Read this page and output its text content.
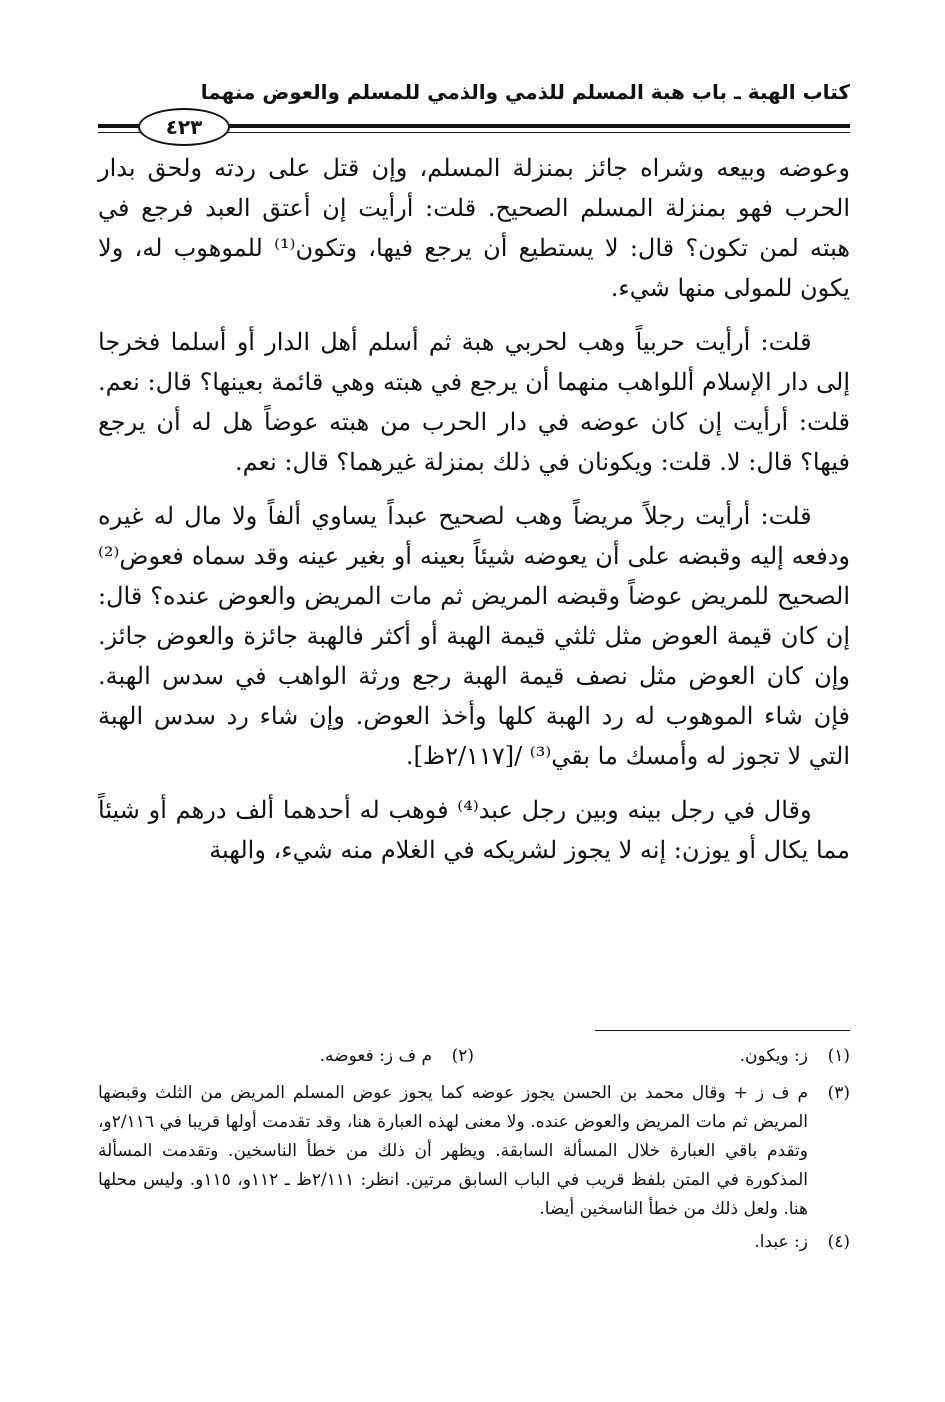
كتاب الهبة ـ باب هبة المسلم للذمي والذمي للمسلم والعوض منهما
٤٢٣

وعوضه وبيعه وشراه جائز بمنزلة المسلم، وإن قتل على ردته ولحق بدار الحرب فهو بمنزلة المسلم الصحيح. قلت: أرأيت إن أعتق العبد فرجع في هبته لمن تكون؟ قال: لا يستطيع أن يرجع فيها، وتكون⁽¹⁾ للموهوب له، ولا يكون للمولى منها شيء.

قلت: أرأيت حربياً وهب لحربي هبة ثم أسلم أهل الدار أو أسلما فخرجا إلى دار الإسلام أللواهب منهما أن يرجع في هبته وهي قائمة بعينها؟ قال: نعم. قلت: أرأيت إن كان عوضه في دار الحرب من هبته عوضاً هل له أن يرجع فيها؟ قال: لا. قلت: ويكونان في ذلك بمنزلة غيرهما؟ قال: نعم.

قلت: أرأيت رجلاً مريضاً وهب لصحيح عبداً يساوي ألفاً ولا مال له غيره ودفعه إليه وقبضه على أن يعوضه شيئاً بعينه أو بغير عينه وقد سماه فعوض⁽²⁾ الصحيح للمريض عوضاً وقبضه المريض ثم مات المريض والعوض عنده؟ قال: إن كان قيمة العوض مثل ثلثي قيمة الهبة أو أكثر فالهبة جائزة والعوض جائز. وإن كان العوض مثل نصف قيمة الهبة رجع ورثة الواهب في سدس الهبة. فإن شاء الموهوب له رد الهبة كلها وأخذ العوض. وإن شاء رد سدس الهبة التي لا تجوز له وأمسك ما بقي⁽³⁾ /[٢/١١٧ظ].

وقال في رجل بينه وبين رجل عبد⁽⁴⁾ فوهب له أحدهما ألف درهم أو شيئاً مما يكال أو يوزن: إنه لا يجوز لشريكه في الغلام منه شيء، والهبة

(١)
ز: ويكون.
(٢)
م ف ز: فعوضه.
(٣)
م ف ز + وقال محمد بن الحسن يجوز عوضه كما يجوز عوض المسلم المريض من الثلث وقبضها المريض ثم مات المريض والعوض عنده. ولا معنى لهذه العبارة هنا، وقد تقدمت أولها قريبا في ٢/١١٦و، وتقدم باقي العبارة خلال المسألة السابقة. ويظهر أن ذلك من خطأ الناسخين. وتقدمت المسألة المذكورة في المتن بلفظ قريب في الباب السابق مرتين. انظر: ٢/١١١ظ ـ ١١٢و، ١١٥و. وليس محلها هنا. ولعل ذلك من خطأ الناسخين أيضا.
(٤)
ز: عبدا.
